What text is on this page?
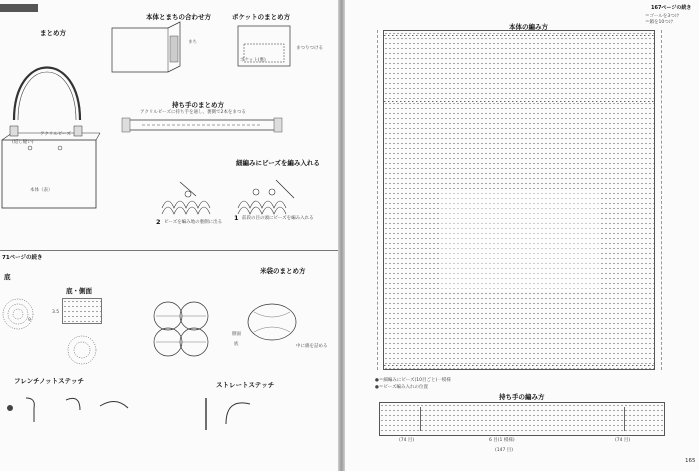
まとめ方
(返し縫い)
本体（表）
アクリルビーズ
本体とまちの合わせ方
まち
ポケットのまとめ方
ポケット(裏)
まつりつける
持ち手のまとめ方
アクリルビーズに持ち手を通し、裏側で2本をまつる
細編みにビーズを編み入れる
2 ビーズを編み地の裏側に出る
1 前段の目の頭にビーズを編み入れる
71ページの続き
底
9
底・側面
3.5
米袋のまとめ方
側面
底	中に綿を詰める
フレンチノットステッチ	ストレートステッチ
本体の編み方
167ページの続き
＝ゴールを3つけ
＝鎖を10つけ
●＝細編みにビーズ(10目ごと)一模様
●＝ビーズ編み入れの位置
持ち手の編み方
(74 目)	6 目(1 模様)	(74 目)
(147 目)
165
